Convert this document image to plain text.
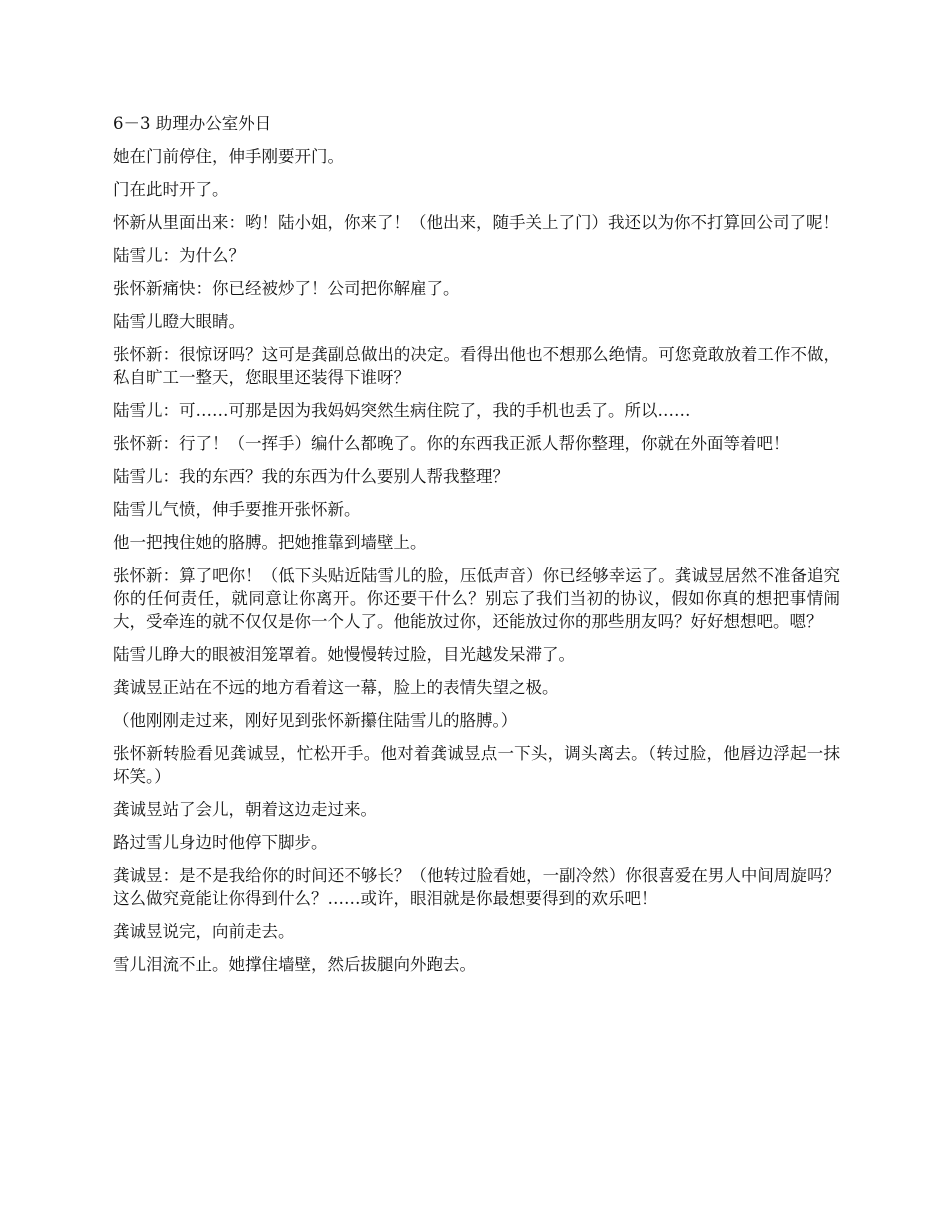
6－3 助理办公室外日

她在门前停住，伸手刚要开门。

门在此时开了。

怀新从里面出来：哟！陆小姐，你来了！（他出来，随手关上了门）我还以为你不打算回公司了呢！

陆雪儿：为什么？

张怀新痛快：你已经被炒了！公司把你解雇了。

陆雪儿瞪大眼睛。

张怀新：很惊讶吗？这可是龚副总做出的决定。看得出他也不想那么绝情。可您竟敢放着工作不做，私自旷工一整天，您眼里还装得下谁呀？

陆雪儿：可……可那是因为我妈妈突然生病住院了，我的手机也丢了。所以……

张怀新：行了！（一挥手）编什么都晚了。你的东西我正派人帮你整理，你就在外面等着吧！

陆雪儿：我的东西？我的东西为什么要别人帮我整理？

陆雪儿气愤，伸手要推开张怀新。

他一把拽住她的胳膊。把她推靠到墙壁上。

张怀新：算了吧你！（低下头贴近陆雪儿的脸，压低声音）你已经够幸运了。龚诚昱居然不准备追究你的任何责任，就同意让你离开。你还要干什么？别忘了我们当初的协议，假如你真的想把事情闹大，受牵连的就不仅仅是你一个人了。他能放过你，还能放过你的那些朋友吗？好好想想吧。嗯？

陆雪儿睁大的眼被泪笼罩着。她慢慢转过脸，目光越发呆滞了。

龚诚昱正站在不远的地方看着这一幕，脸上的表情失望之极。

（他刚刚走过来，刚好见到张怀新攥住陆雪儿的胳膊。）

张怀新转脸看见龚诚昱，忙松开手。他对着龚诚昱点一下头，调头离去。（转过脸，他唇边浮起一抹坏笑。）

龚诚昱站了会儿，朝着这边走过来。

路过雪儿身边时他停下脚步。

龚诚昱：是不是我给你的时间还不够长？（他转过脸看她，一副冷然）你很喜爱在男人中间周旋吗？这么做究竟能让你得到什么？……或许，眼泪就是你最想要得到的欢乐吧！

龚诚昱说完，向前走去。

雪儿泪流不止。她撑住墙壁，然后拔腿向外跑去。
